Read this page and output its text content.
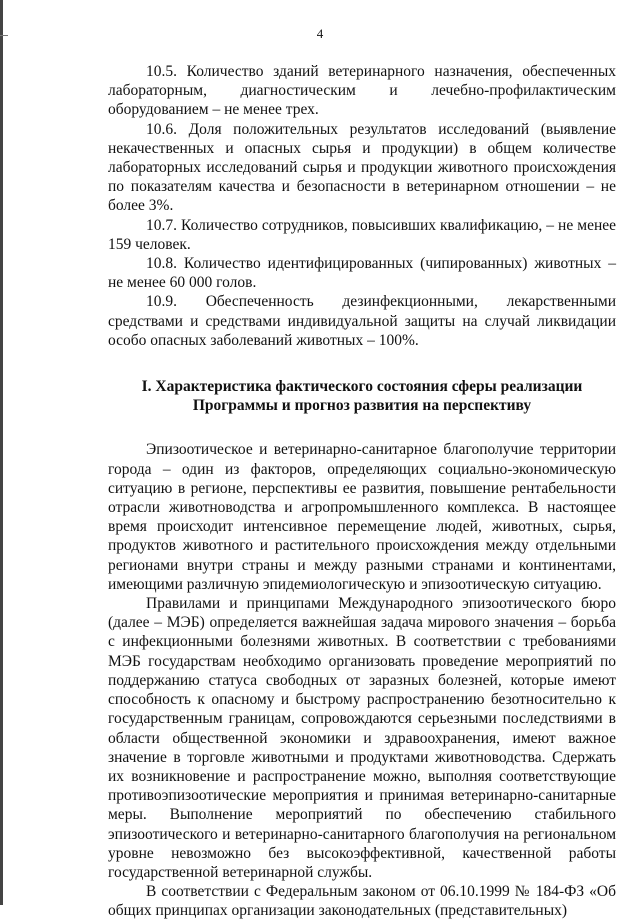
4

10.5. Количество зданий ветеринарного назначения, обеспеченных лабораторным, диагностическим и лечебно-профилактическим оборудованием – не менее трех.

10.6. Доля положительных результатов исследований (выявление некачественных и опасных сырья и продукции) в общем количестве лабораторных исследований сырья и продукции животного происхождения по показателям качества и безопасности в ветеринарном отношении – не более 3%.

10.7. Количество сотрудников, повысивших квалификацию, – не менее 159 человек.

10.8. Количество идентифицированных (чипированных) животных – не менее 60 000 голов.

10.9. Обеспеченность дезинфекционными, лекарственными средствами и средствами индивидуальной защиты на случай ликвидации особо опасных заболеваний животных – 100%.

I. Характеристика фактического состояния сферы реализации
Программы и прогноз развития на перспективу

Эпизоотическое и ветеринарно-санитарное благополучие территории города – один из факторов, определяющих социально-экономическую ситуацию в регионе, перспективы ее развития, повышение рентабельности отрасли животноводства и агропромышленного комплекса. В настоящее время происходит интенсивное перемещение людей, животных, сырья, продуктов животного и растительного происхождения между отдельными регионами внутри страны и между разными странами и континентами, имеющими различную эпидемиологическую и эпизоотическую ситуацию.

Правилами и принципами Международного эпизоотического бюро (далее – МЭБ) определяется важнейшая задача мирового значения – борьба с инфекционными болезнями животных. В соответствии с требованиями МЭБ государствам необходимо организовать проведение мероприятий по поддержанию статуса свободных от заразных болезней, которые имеют способность к опасному и быстрому распространению безотносительно к государственным границам, сопровождаются серьезными последствиями в области общественной экономики и здравоохранения, имеют важное значение в торговле животными и продуктами животноводства. Сдержать их возникновение и распространение можно, выполняя соответствующие противоэпизоотические мероприятия и принимая ветеринарно-санитарные меры. Выполнение мероприятий по обеспечению стабильного эпизоотического и ветеринарно-санитарного благополучия на региональном уровне невозможно без высокоэффективной, качественной работы государственной ветеринарной службы.

В соответствии с Федеральным законом от 06.10.1999 № 184-ФЗ «Об общих принципах организации законодательных (представительных)
